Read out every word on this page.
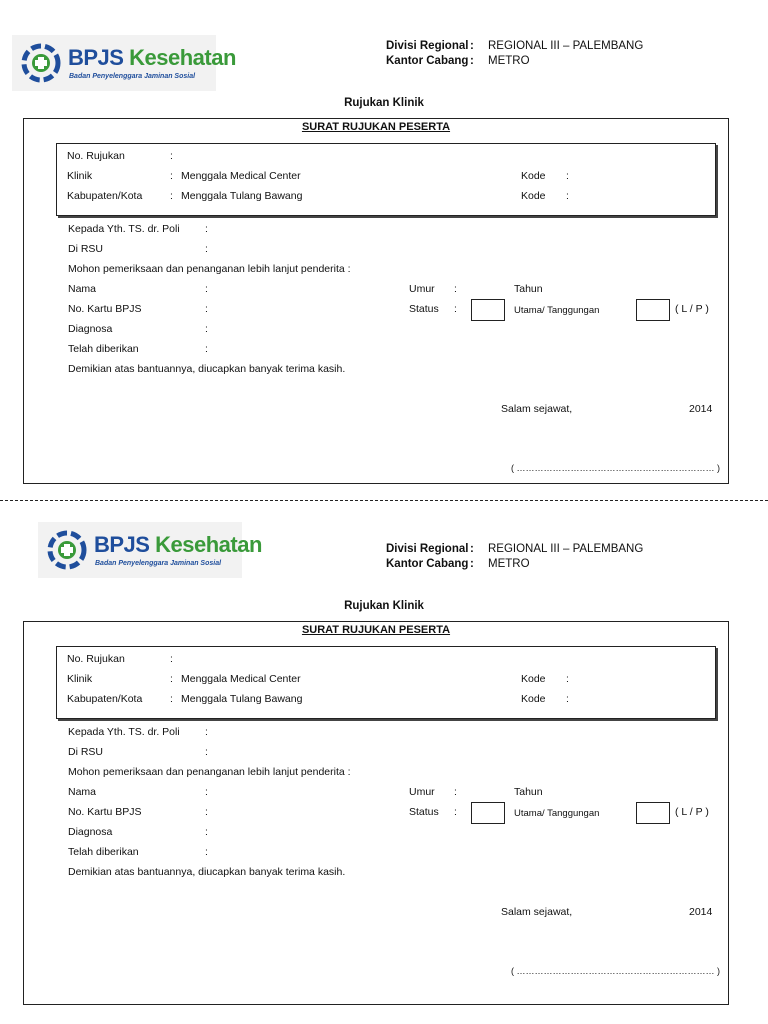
BPJS Kesehatan
Badan Penyelenggara Jaminan Sosial
Divisi Regional : REGIONAL III – PALEMBANG
Kantor Cabang : METRO
Rujukan Klinik
SURAT RUJUKAN PESERTA
No. Rujukan	:
Klinik	: Menggala Medical Center	Kode :
Kabupaten/Kota	: Menggala Tulang Bawang	Kode :
Kepada Yth. TS. dr. Poli :
Di RSU	:
Mohon pemeriksaan dan penanganan lebih lanjut penderita :
Nama	:	Umur :	Tahun
No. Kartu BPJS	:	Status :	Utama/ Tanggungan	( L / P )
Diagnosa	:
Telah diberikan	:
Demikian atas bantuannya, diucapkan banyak terima kasih.
Salam sejawat,	2014
( ………………………………………………………… )
BPJS Kesehatan
Badan Penyelenggara Jaminan Sosial
Divisi Regional : REGIONAL III – PALEMBANG
Kantor Cabang : METRO
Rujukan Klinik
SURAT RUJUKAN PESERTA
No. Rujukan	:
Klinik	: Menggala Medical Center	Kode :
Kabupaten/Kota	: Menggala Tulang Bawang	Kode :
Kepada Yth. TS. dr. Poli :
Di RSU	:
Mohon pemeriksaan dan penanganan lebih lanjut penderita :
Nama	:	Umur :	Tahun
No. Kartu BPJS	:	Status :	Utama/ Tanggungan	( L / P )
Diagnosa	:
Telah diberikan	:
Demikian atas bantuannya, diucapkan banyak terima kasih.
Salam sejawat,	2014
( ………………………………………………………… )
